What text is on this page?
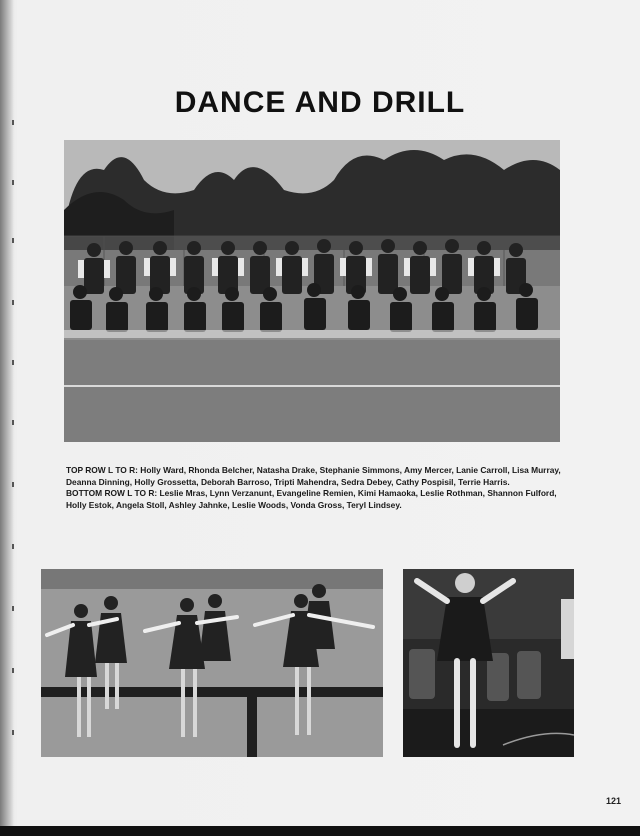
DANCE AND DRILL

TOP ROW L TO R: Holly Ward, Rhonda Belcher, Natasha Drake, Stephanie Simmons, Amy Mercer, Lanie Carroll, Lisa Murray, Deanna Dinning, Holly Grossetta, Deborah Barroso, Tripti Mahendra, Sedra Debey, Cathy Pospisil, Terrie Harris.

BOTTOM ROW L TO R: Leslie Mras, Lynn Verzanunt, Evangeline Remien, Kimi Hamaoka, Leslie Rothman, Shannon Fulford, Holly Estok, Angela Stoll, Ashley Jahnke, Leslie Woods, Vonda Gross, Teryl Lindsey.

121
